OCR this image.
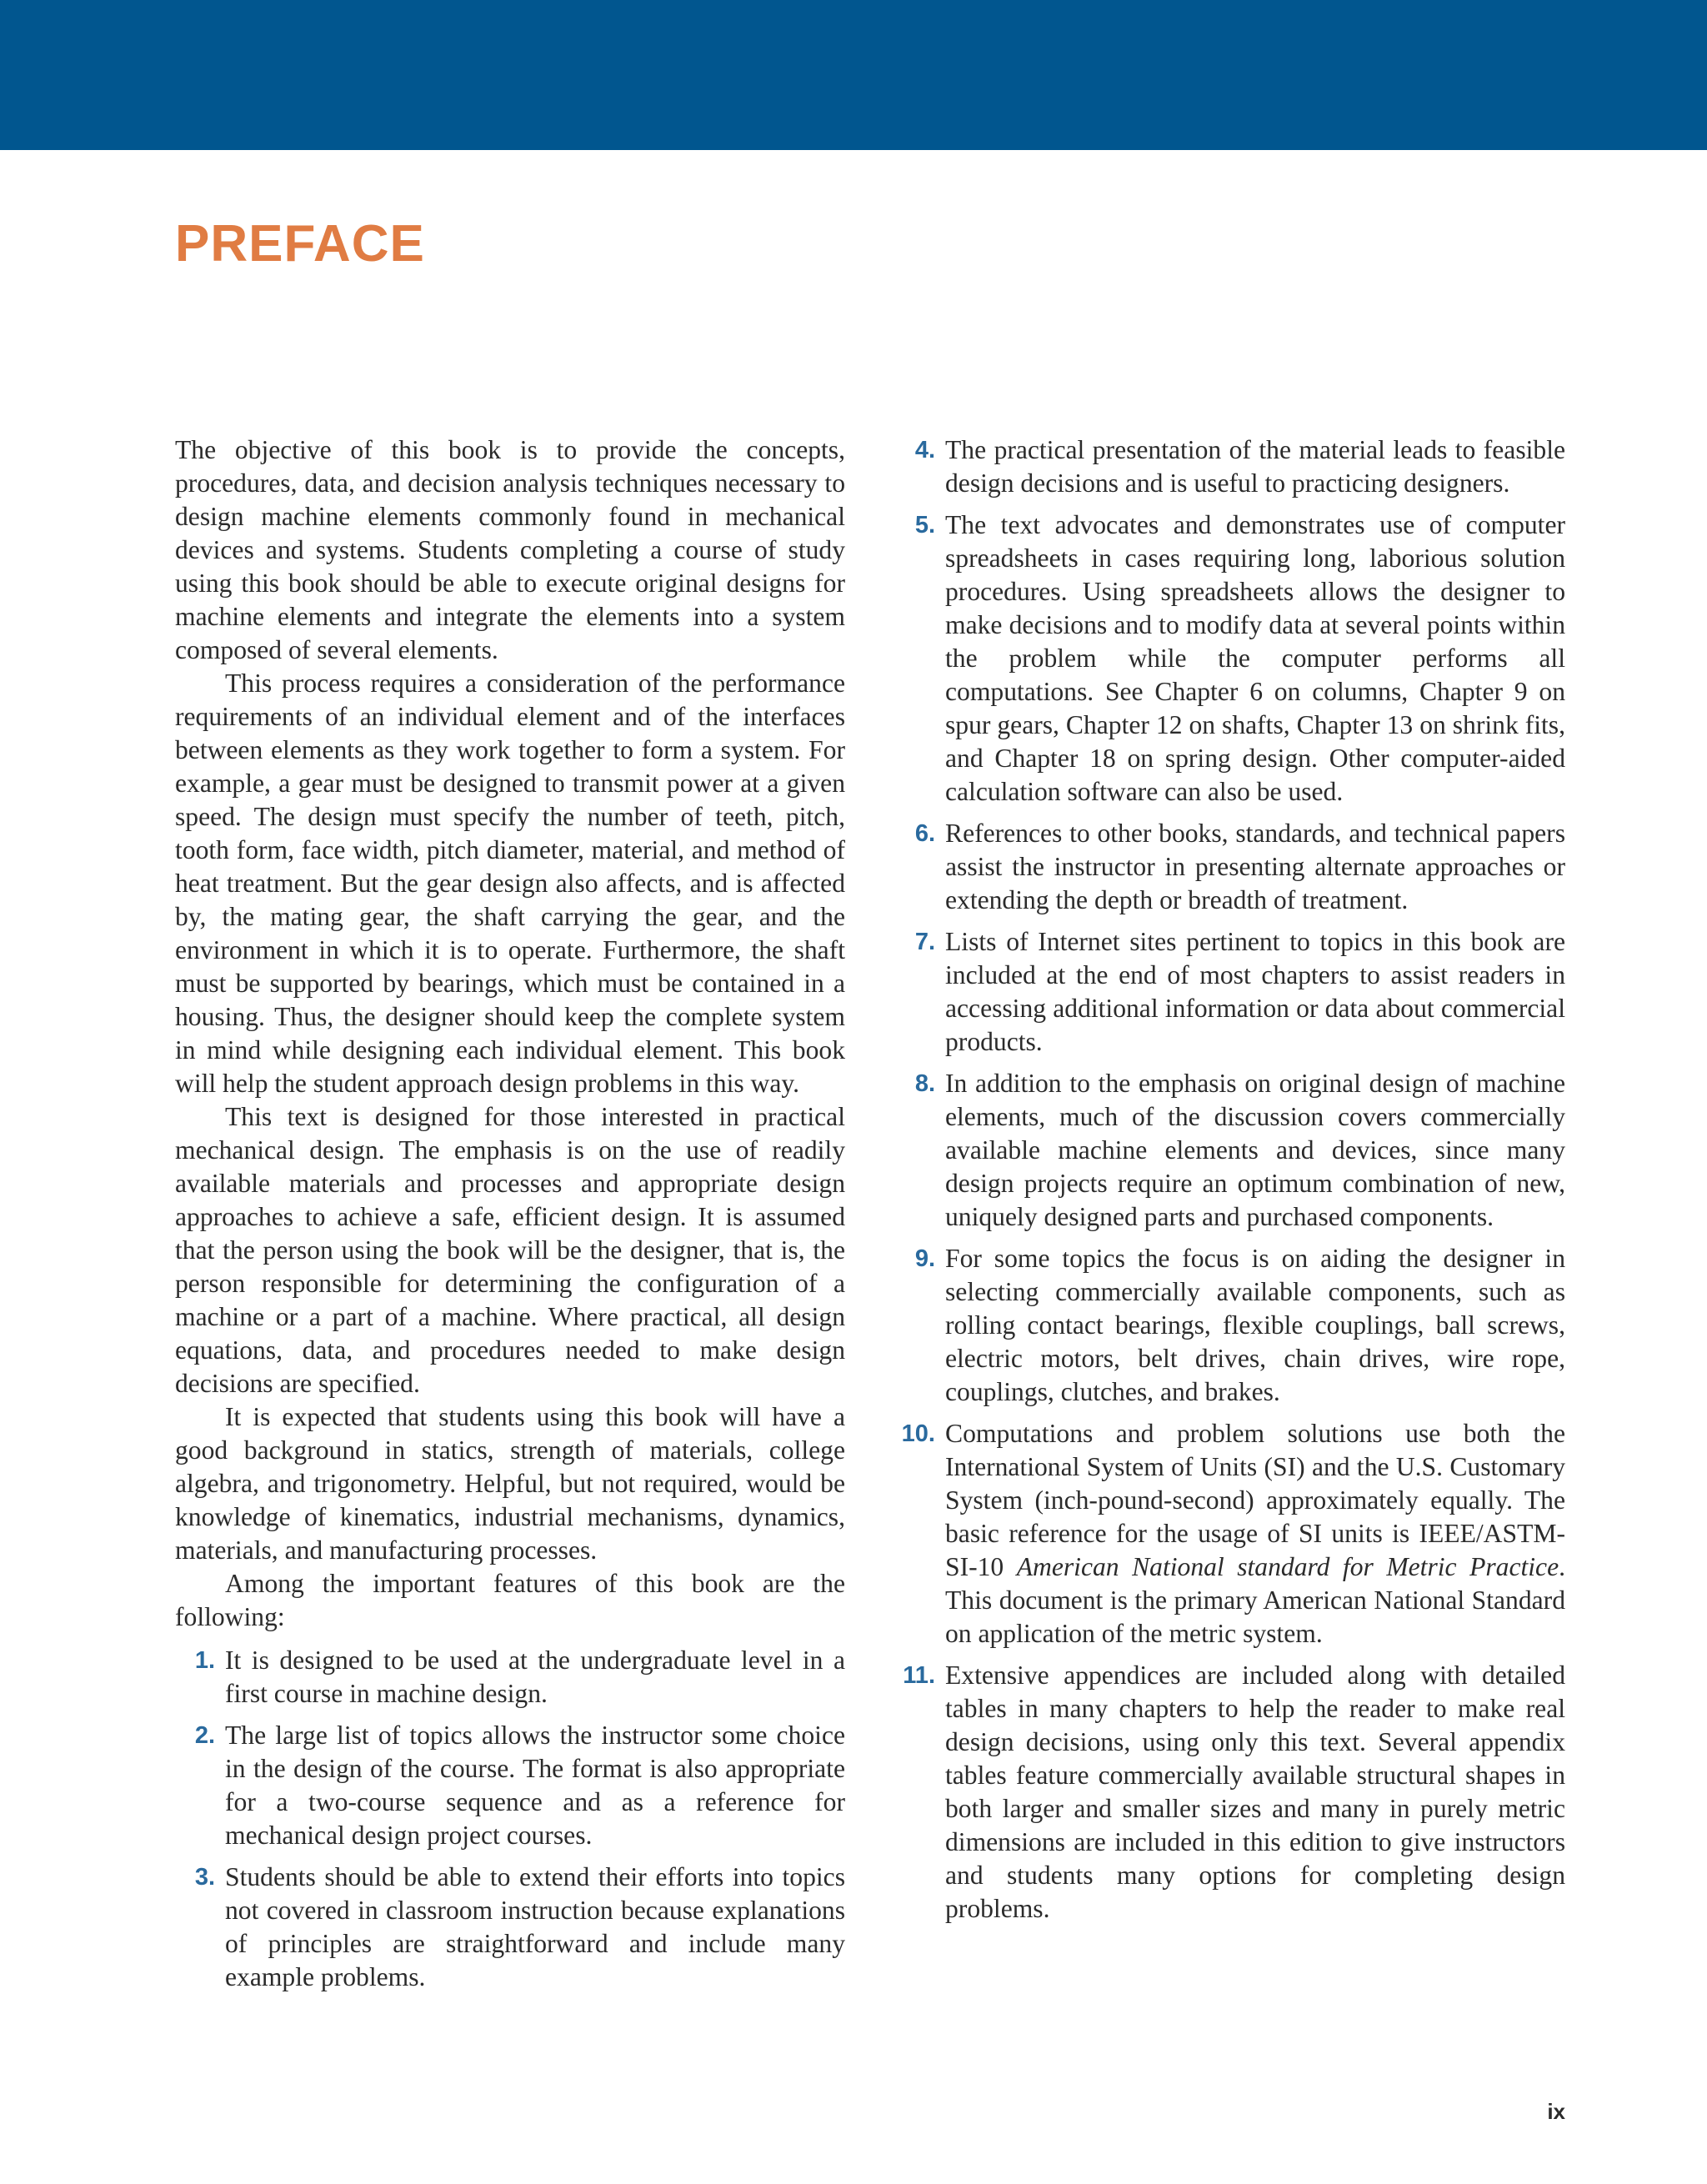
PREFACE

The objective of this book is to provide the concepts, procedures, data, and decision analysis techniques necessary to design machine elements commonly found in mechanical devices and systems. Students completing a course of study using this book should be able to execute original designs for machine elements and integrate the elements into a system composed of several elements.

This process requires a consideration of the performance requirements of an individual element and of the interfaces between elements as they work together to form a system. For example, a gear must be designed to transmit power at a given speed. The design must specify the number of teeth, pitch, tooth form, face width, pitch diameter, material, and method of heat treatment. But the gear design also affects, and is affected by, the mating gear, the shaft carrying the gear, and the environment in which it is to operate. Furthermore, the shaft must be supported by bearings, which must be contained in a housing. Thus, the designer should keep the complete system in mind while designing each individual element. This book will help the student approach design problems in this way.

This text is designed for those interested in practical mechanical design. The emphasis is on the use of readily available materials and processes and appropriate design approaches to achieve a safe, efficient design. It is assumed that the person using the book will be the designer, that is, the person responsible for determining the configuration of a machine or a part of a machine. Where practical, all design equations, data, and procedures needed to make design decisions are specified.

It is expected that students using this book will have a good background in statics, strength of materials, college algebra, and trigonometry. Helpful, but not required, would be knowledge of kinematics, industrial mechanisms, dynamics, materials, and manufacturing processes.

Among the important features of this book are the following:

1. It is designed to be used at the undergraduate level in a first course in machine design.
2. The large list of topics allows the instructor some choice in the design of the course. The format is also appropriate for a two-course sequence and as a reference for mechanical design project courses.
3. Students should be able to extend their efforts into topics not covered in classroom instruction because explanations of principles are straightforward and include many example problems.
4. The practical presentation of the material leads to feasible design decisions and is useful to practicing designers.
5. The text advocates and demonstrates use of computer spreadsheets in cases requiring long, laborious solution procedures. Using spreadsheets allows the designer to make decisions and to modify data at several points within the problem while the computer performs all computations. See Chapter 6 on columns, Chapter 9 on spur gears, Chapter 12 on shafts, Chapter 13 on shrink fits, and Chapter 18 on spring design. Other computer-aided calculation software can also be used.
6. References to other books, standards, and technical papers assist the instructor in presenting alternate approaches or extending the depth or breadth of treatment.
7. Lists of Internet sites pertinent to topics in this book are included at the end of most chapters to assist readers in accessing additional information or data about commercial products.
8. In addition to the emphasis on original design of machine elements, much of the discussion covers commercially available machine elements and devices, since many design projects require an optimum combination of new, uniquely designed parts and purchased components.
9. For some topics the focus is on aiding the designer in selecting commercially available components, such as rolling contact bearings, flexible couplings, ball screws, electric motors, belt drives, chain drives, wire rope, couplings, clutches, and brakes.
10. Computations and problem solutions use both the International System of Units (SI) and the U.S. Customary System (inch-pound-second) approximately equally. The basic reference for the usage of SI units is IEEE/ASTM-SI-10 American National standard for Metric Practice. This document is the primary American National Standard on application of the metric system.
11. Extensive appendices are included along with detailed tables in many chapters to help the reader to make real design decisions, using only this text. Several appendix tables feature commercially available structural shapes in both larger and smaller sizes and many in purely metric dimensions are included in this edition to give instructors and students many options for completing design problems.
ix
